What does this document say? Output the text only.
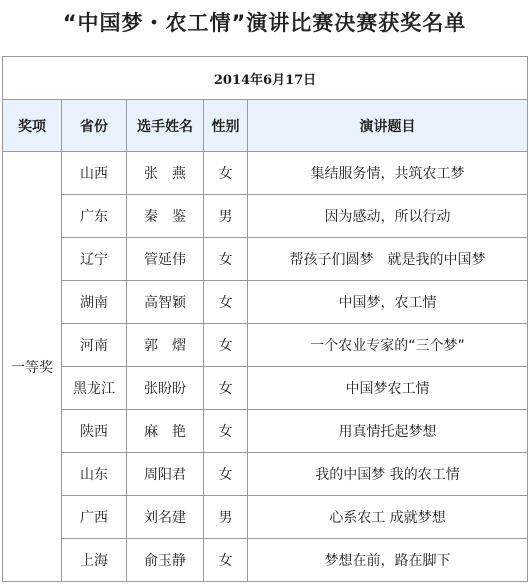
“中国梦・农工情”演讲比赛决赛获奖名单
2014年6月17日				
奖项	省份	选手姓名	性别	演讲题目
一等奖	山西	张　燕	女	集结服务情，共筑农工梦
	广东	秦　鉴	男	因为感动，所以行动
	辽宁	管延伟	女	帮孩子们圆梦　就是我的中国梦
	湖南	高智颖	女	中国梦，农工情
	河南	郭　熠	女	一个农业专家的“三个梦”
	黑龙江	张盼盼	女	中国梦农工情
	陕西	麻　艳	女	用真情托起梦想
	山东	周阳君	女	我的中国梦 我的农工情
	广西	刘名建	男	心系农工 成就梦想
	上海	俞玉静	女	梦想在前，路在脚下
